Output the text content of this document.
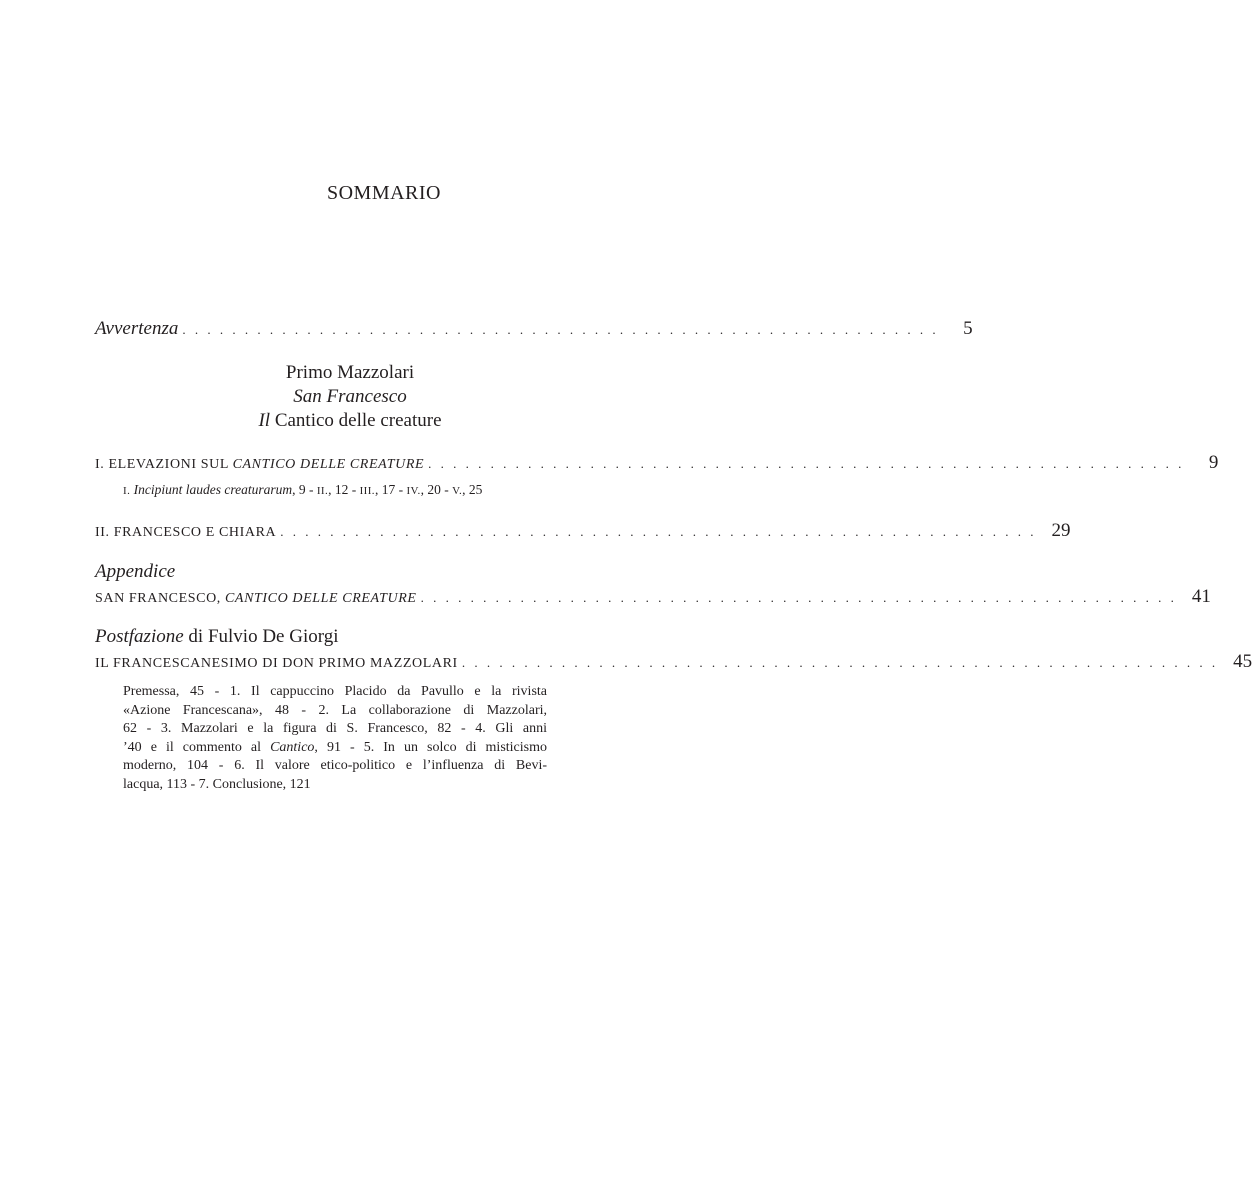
SOMMARIO
Avvertenza . . . . . . . . . . . . . . . . . . . . . . . . . . . . . . . . . . . . . . . . . . . . . . . . . . . . . . . . . . . . .	5
Primo Mazzolari
San Francesco
Il Cantico delle creature
I. ELEVAZIONI SUL CANTICO DELLE CREATURE . . . . . . . . . . . . . . . . . . . . . . . . . . . . . . . . . . . . . . . . . . . . . . . . . . . . . . . . . . . . .	9
I. Incipiunt laudes creaturarum, 9 - II., 12 - III., 17 - IV., 20 - V., 25
II. FRANCESCO E CHIARA . . . . . . . . . . . . . . . . . . . . . . . . . . . . . . . . . . . . . . . . . . . . . . . . . . . . . . . . . . . . . 29
Appendice
SAN FRANCESCO, CANTICO DELLE CREATURE . . . . . . . . . . . . . . . . . . . . . . . . . . . . . . . . . . . . . . . . . . . . . . . . . . . . . . . . . . . . . 41
Postfazione di Fulvio De Giorgi
IL FRANCESCANESIMO DI DON PRIMO MAZZOLARI . . . . . . . . . . . . . . . . . . . . . . . . . . . . . . . . . . . . . . . . . . . . . . . . . . . . . . . . . . . . . 45
Premessa, 45 - 1. Il cappuccino Placido da Pavullo e la rivista
«Azione Francescana», 48 - 2. La collaborazione di Mazzolari,
62 - 3. Mazzolari e la figura di S. Francesco, 82 - 4. Gli anni
’40 e il commento al Cantico, 91 - 5. In un solco di misticismo
moderno, 104 - 6. Il valore etico-politico e l’influenza di Bevi-
lacqua, 113 - 7. Conclusione, 121
